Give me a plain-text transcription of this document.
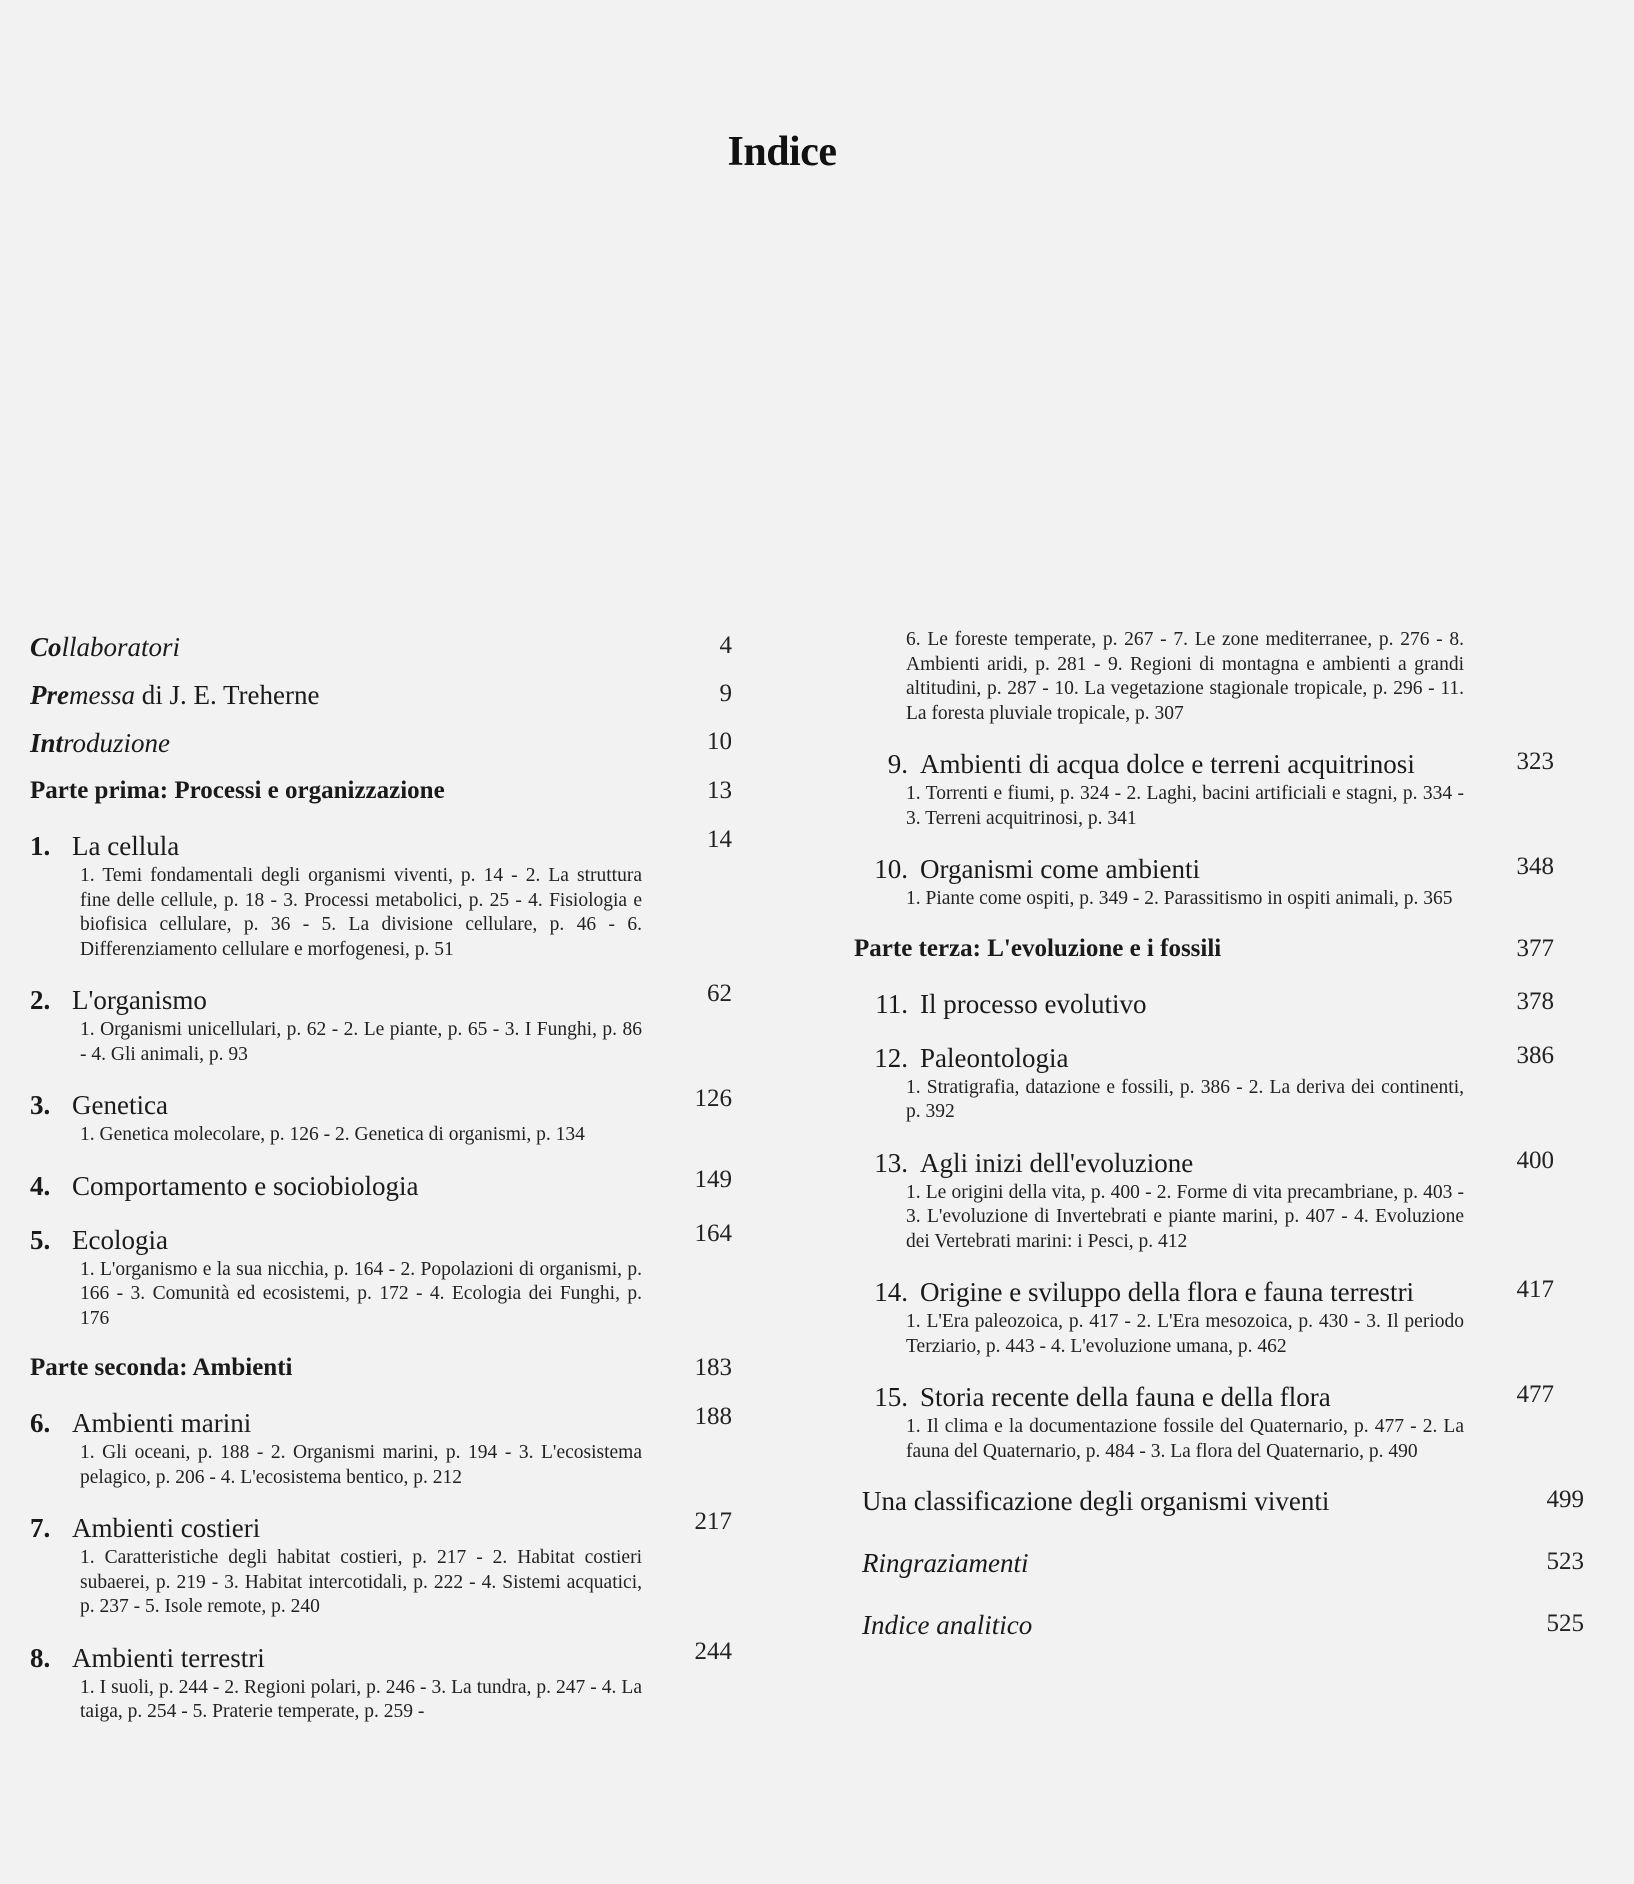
Indice
Collaboratori	4
Premessa di J. E. Treherne	9
Introduzione	10
Parte prima: Processi e organizzazione	13
1. La cellula	14
1. Temi fondamentali degli organismi viventi, p. 14 - 2. La struttura fine delle cellule, p. 18 - 3. Processi metabolici, p. 25 - 4. Fisiologia e biofisica cellulare, p. 36 - 5. La divisione cellulare, p. 46 - 6. Differenziamento cellulare e morfogenesi, p. 51
2. L'organismo	62
1. Organismi unicellulari, p. 62 - 2. Le piante, p. 65 - 3. I Funghi, p. 86 - 4. Gli animali, p. 93
3. Genetica	126
1. Genetica molecolare, p. 126 - 2. Genetica di organismi, p. 134
4. Comportamento e sociobiologia	149
5. Ecologia	164
1. L'organismo e la sua nicchia, p. 164 - 2. Popolazioni di organismi, p. 166 - 3. Comunità ed ecosistemi, p. 172 - 4. Ecologia dei Funghi, p. 176
Parte seconda: Ambienti	183
6. Ambienti marini	188
1. Gli oceani, p. 188 - 2. Organismi marini, p. 194 - 3. L'ecosistema pelagico, p. 206 - 4. L'ecosistema bentico, p. 212
7. Ambienti costieri	217
1. Caratteristiche degli habitat costieri, p. 217 - 2. Habitat costieri subaerei, p. 219 - 3. Habitat intercotidali, p. 222 - 4. Sistemi acquatici, p. 237 - 5. Isole remote, p. 240
8. Ambienti terrestri	244
1. I suoli, p. 244 - 2. Regioni polari, p. 246 - 3. La tundra, p. 247 - 4. La taiga, p. 254 - 5. Praterie temperate, p. 259 -
6. Le foreste temperate, p. 267 - 7. Le zone mediterranee, p. 276 - 8. Ambienti aridi, p. 281 - 9. Regioni di montagna e ambienti a grandi altitudini, p. 287 - 10. La vegetazione stagionale tropicale, p. 296 - 11. La foresta pluviale tropicale, p. 307
9. Ambienti di acqua dolce e terreni acquitrinosi	323
1. Torrenti e fiumi, p. 324 - 2. Laghi, bacini artificiali e stagni, p. 334 - 3. Terreni acquitrinosi, p. 341
10. Organismi come ambienti	348
1. Piante come ospiti, p. 349 - 2. Parassitismo in ospiti animali, p. 365
Parte terza: L'evoluzione e i fossili	377
11. Il processo evolutivo	378
12. Paleontologia	386
1. Stratigrafia, datazione e fossili, p. 386 - 2. La deriva dei continenti, p. 392
13. Agli inizi dell'evoluzione	400
1. Le origini della vita, p. 400 - 2. Forme di vita precambriane, p. 403 - 3. L'evoluzione di Invertebrati e piante marini, p. 407 - 4. Evoluzione dei Vertebrati marini: i Pesci, p. 412
14. Origine e sviluppo della flora e fauna terrestri	417
1. L'Era paleozoica, p. 417 - 2. L'Era mesozoica, p. 430 - 3. Il periodo Terziario, p. 443 - 4. L'evoluzione umana, p. 462
15. Storia recente della fauna e della flora	477
1. Il clima e la documentazione fossile del Quaternario, p. 477 - 2. La fauna del Quaternario, p. 484 - 3. La flora del Quaternario, p. 490
Una classificazione degli organismi viventi	499
Ringraziamenti	523
Indice analitico	525
